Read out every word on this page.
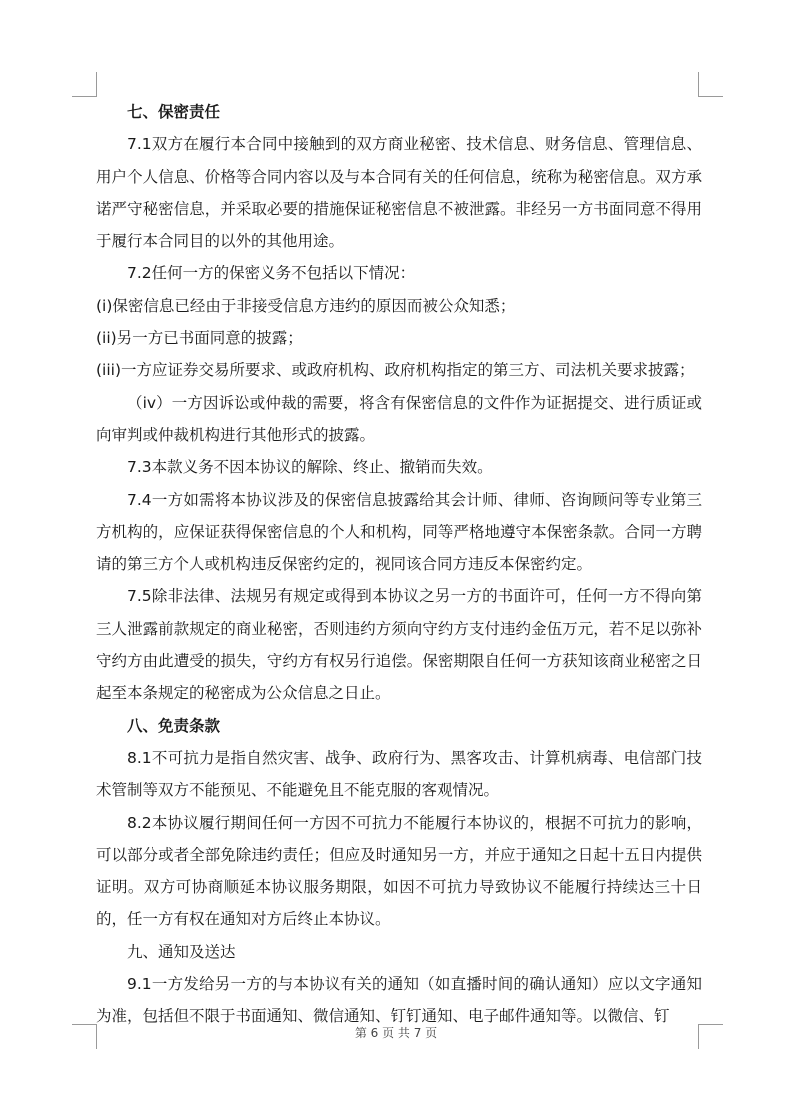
七、保密责任

7.1双方在履行本合同中接触到的双方商业秘密、技术信息、财务信息、管理信息、用户个人信息、价格等合同内容以及与本合同有关的任何信息，统称为秘密信息。双方承诺严守秘密信息，并采取必要的措施保证秘密信息不被泄露。非经另一方书面同意不得用于履行本合同目的以外的其他用途。

7.2任何一方的保密义务不包括以下情况：

(i)保密信息已经由于非接受信息方违约的原因而被公众知悉；

(ii)另一方已书面同意的披露；

(iii)一方应证券交易所要求、或政府机构、政府机构指定的第三方、司法机关要求披露；

（iv）一方因诉讼或仲裁的需要，将含有保密信息的文件作为证据提交、进行质证或向审判或仲裁机构进行其他形式的披露。

7.3本款义务不因本协议的解除、终止、撤销而失效。

7.4一方如需将本协议涉及的保密信息披露给其会计师、律师、咨询顾问等专业第三方机构的，应保证获得保密信息的个人和机构，同等严格地遵守本保密条款。合同一方聘请的第三方个人或机构违反保密约定的，视同该合同方违反本保密约定。

7.5除非法律、法规另有规定或得到本协议之另一方的书面许可，任何一方不得向第三人泄露前款规定的商业秘密，否则违约方须向守约方支付违约金伍万元，若不足以弥补守约方由此遭受的损失，守约方有权另行追偿。保密期限自任何一方获知该商业秘密之日起至本条规定的秘密成为公众信息之日止。

八、免责条款

8.1不可抗力是指自然灾害、战争、政府行为、黑客攻击、计算机病毒、电信部门技术管制等双方不能预见、不能避免且不能克服的客观情况。

8.2本协议履行期间任何一方因不可抗力不能履行本协议的，根据不可抗力的影响，可以部分或者全部免除违约责任；但应及时通知另一方，并应于通知之日起十五日内提供证明。双方可协商顺延本协议服务期限，如因不可抗力导致协议不能履行持续达三十日的，任一方有权在通知对方后终止本协议。

九、通知及送达

9.1一方发给另一方的与本协议有关的通知（如直播时间的确认通知）应以文字通知为准，包括但不限于书面通知、微信通知、钉钉通知、电子邮件通知等。以微信、钉

第 6 页 共 7 页
